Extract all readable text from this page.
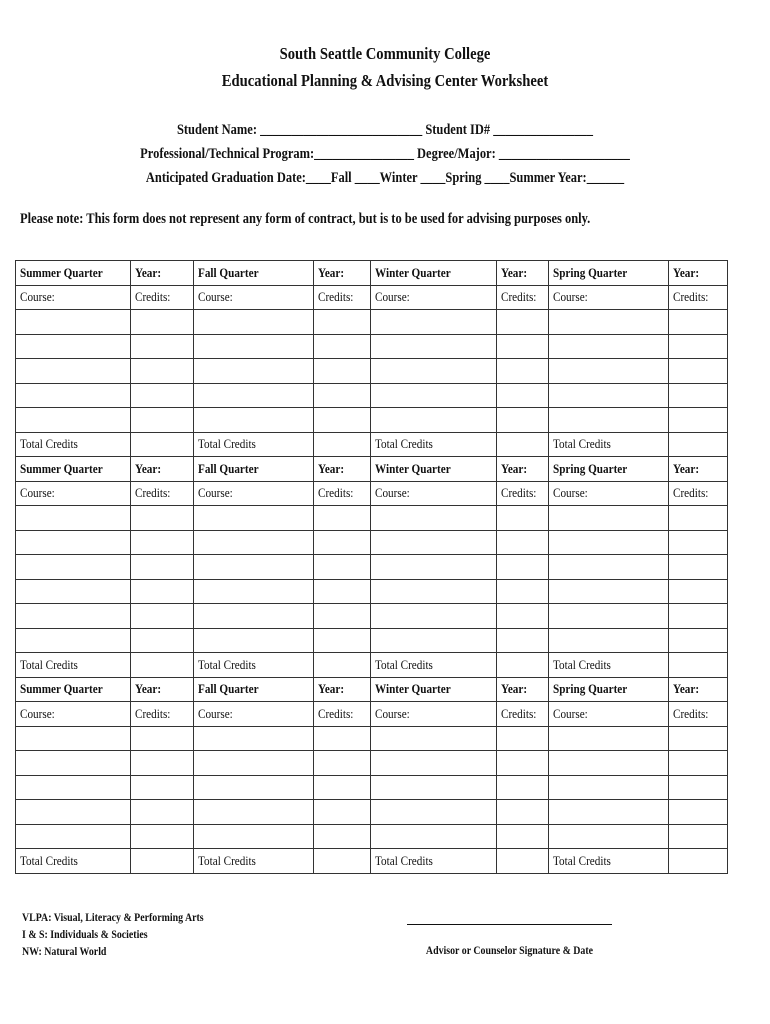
South Seattle Community College
Educational Planning & Advising Center Worksheet
Student Name: __________________________ Student ID# ________________
Professional/Technical Program:________________ Degree/Major: _____________________
Anticipated Graduation Date:____Fall ____Winter ____Spring ____Summer Year:______
Please note: This form does not represent any form of contract, but is to be used for advising purposes only.
Summer Quarter	Year:	Fall Quarter	Year:	Winter Quarter	Year:	Spring Quarter	Year:
Course:	Credits:	Course:	Credits:	Course:	Credits:	Course:	Credits:

Total Credits		Total Credits		Total Credits		Total Credits	
Summer Quarter	Year:	Fall Quarter	Year:	Winter Quarter	Year:	Spring Quarter	Year:
Course:	Credits:	Course:	Credits:	Course:	Credits:	Course:	Credits:

Total Credits		Total Credits		Total Credits		Total Credits	
Summer Quarter	Year:	Fall Quarter	Year:	Winter Quarter	Year:	Spring Quarter	Year:
Course:	Credits:	Course:	Credits:	Course:	Credits:	Course:	Credits:

Total Credits		Total Credits		Total Credits		Total Credits	
VLPA: Visual, Literacy & Performing Arts
I & S: Individuals & Societies
NW: Natural World	Advisor or Counselor Signature & Date
